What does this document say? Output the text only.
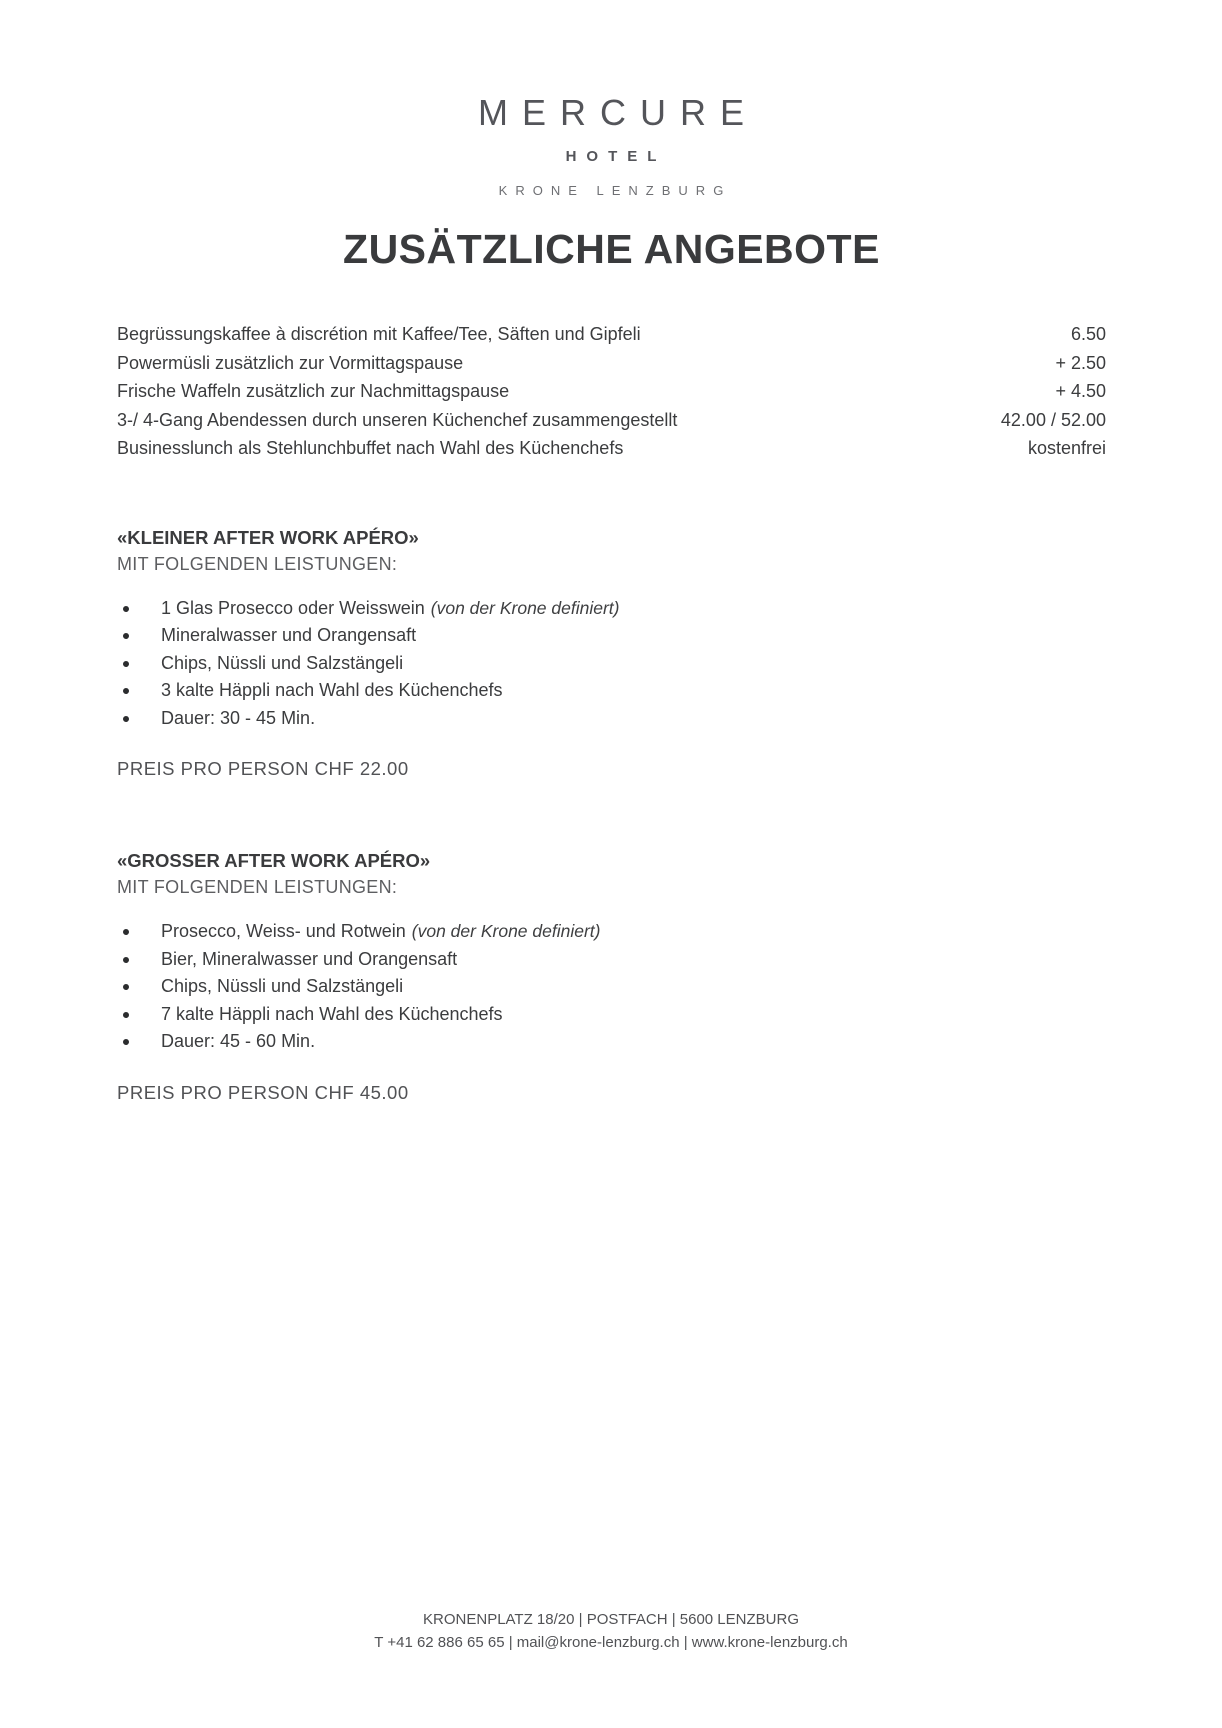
MERCURE
HOTEL
KRONE LENZBURG
ZUSÄTZLICHE ANGEBOTE
Begrüssungskaffee à discrétion mit Kaffee/Tee, Säften und Gipfeli	6.50
Powermüsli zusätzlich zur Vormittagspause	+ 2.50
Frische Waffeln zusätzlich zur Nachmittagspause	+ 4.50
3-/ 4-Gang Abendessen durch unseren Küchenchef zusammengestellt	42.00 / 52.00
Businesslunch als Stehlunchbuffet nach Wahl des Küchenchefs	kostenfrei
«KLEINER AFTER WORK APÉRO»
MIT FOLGENDEN LEISTUNGEN:
1 Glas Prosecco oder Weisswein (von der Krone definiert)
Mineralwasser und Orangensaft
Chips, Nüssli und Salzstängeli
3 kalte Häppli nach Wahl des Küchenchefs
Dauer: 30 - 45 Min.
PREIS PRO PERSON CHF 22.00
«GROSSER AFTER WORK APÉRO»
MIT FOLGENDEN LEISTUNGEN:
Prosecco, Weiss- und Rotwein (von der Krone definiert)
Bier, Mineralwasser und Orangensaft
Chips, Nüssli und Salzstängeli
7 kalte Häppli nach Wahl des Küchenchefs
Dauer: 45 - 60 Min.
PREIS PRO PERSON CHF 45.00
KRONENPLATZ 18/20 | POSTFACH | 5600 LENZBURG
T +41 62 886 65 65 | mail@krone-lenzburg.ch | www.krone-lenzburg.ch
